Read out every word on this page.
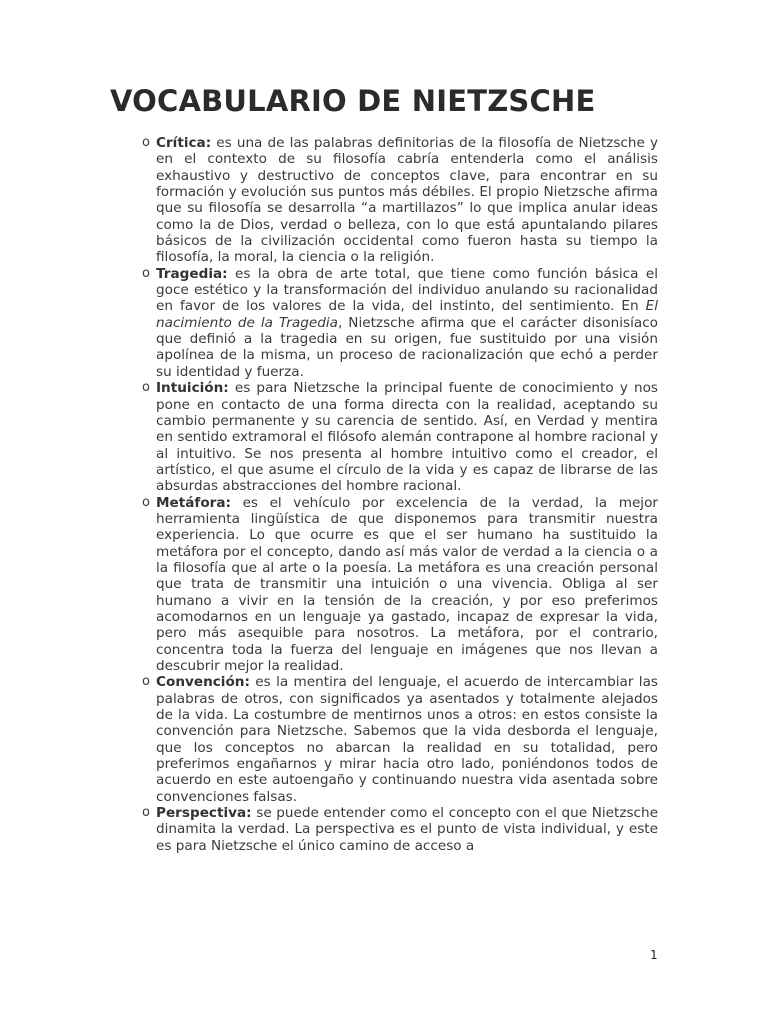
VOCABULARIO DE NIETZSCHE
o Crítica: es una de las palabras definitorias de la filosofía de Nietzsche y en el contexto de su filosofía cabría entenderla como el análisis exhaustivo y destructivo de conceptos clave, para encontrar en su formación y evolución sus puntos más débiles. El propio Nietzsche afirma que su filosofía se desarrolla “a martillazos” lo que implica anular ideas como la de Dios, verdad o belleza, con lo que está apuntalando pilares básicos de la civilización occidental como fueron hasta su tiempo la filosofía, la moral, la ciencia o la religión.
o Tragedia: es la obra de arte total, que tiene como función básica el goce estético y la transformación del individuo anulando su racionalidad en favor de los valores de la vida, del instinto, del sentimiento. En El nacimiento de la Tragedia, Nietzsche afirma que el carácter disonisíaco que definió a la tragedia en su origen, fue sustituido por una visión apolínea de la misma, un proceso de racionalización que echó a perder su identidad y fuerza.
o Intuición: es para Nietzsche la principal fuente de conocimiento y nos pone en contacto de una forma directa con la realidad, aceptando su cambio permanente y su carencia de sentido. Así, en Verdad y mentira en sentido extramoral el filósofo alemán contrapone al hombre racional y al intuitivo. Se nos presenta al hombre intuitivo como el creador, el artístico, el que asume el círculo de la vida y es capaz de librarse de las absurdas abstracciones del hombre racional.
o Metáfora: es el vehículo por excelencia de la verdad, la mejor herramienta lingüística de que disponemos para transmitir nuestra experiencia. Lo que ocurre es que el ser humano ha sustituido la metáfora por el concepto, dando así más valor de verdad a la ciencia o a la filosofía que al arte o la poesía. La metáfora es una creación personal que trata de transmitir una intuición o una vivencia. Obliga al ser humano a vivir en la tensión de la creación, y por eso preferimos acomodarnos en un lenguaje ya gastado, incapaz de expresar la vida, pero más asequible para nosotros. La metáfora, por el contrario, concentra toda la fuerza del lenguaje en imágenes que nos llevan a descubrir mejor la realidad.
o Convención: es la mentira del lenguaje, el acuerdo de intercambiar las palabras de otros, con significados ya asentados y totalmente alejados de la vida. La costumbre de mentirnos unos a otros: en estos consiste la convención para Nietzsche. Sabemos que la vida desborda el lenguaje, que los conceptos no abarcan la realidad en su totalidad, pero preferimos engañarnos y mirar hacia otro lado, poniéndonos todos de acuerdo en este autoengaño y continuando nuestra vida asentada sobre convenciones falsas.
o Perspectiva: se puede entender como el concepto con el que Nietzsche dinamita la verdad. La perspectiva es el punto de vista individual, y este es para Nietzsche el único camino de acceso a
1
